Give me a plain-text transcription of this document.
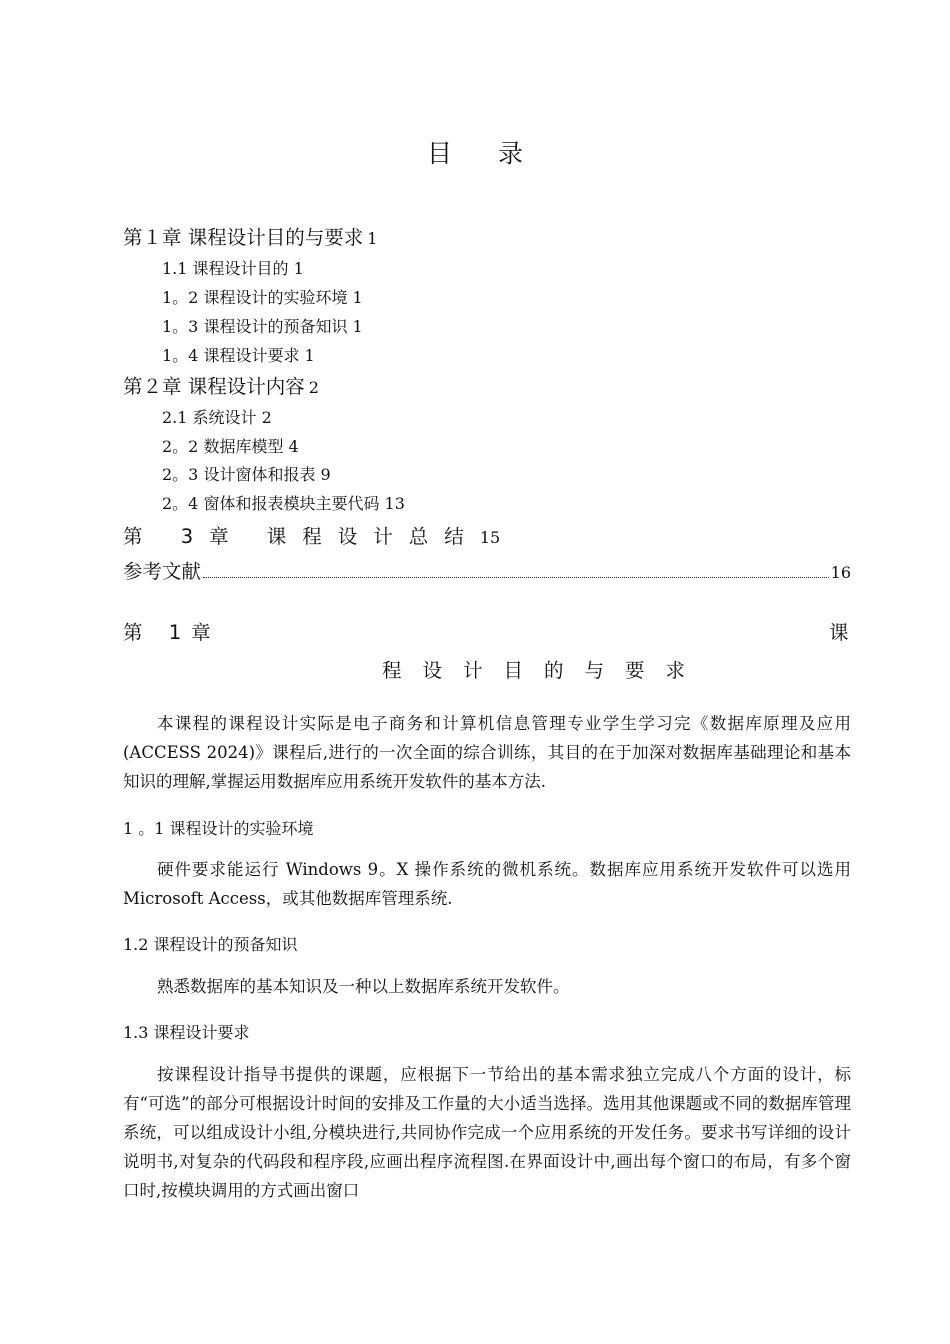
目录
第１章 课程设计目的与要求 1
1.1 课程设计目的 1
1。2 课程设计的实验环境 1
1。3 课程设计的预备知识 1
1。4 课程设计要求 1
第２章 课程设计内容 2
2.1 系统设计 2
2。2 数据库模型 4
2。3 设计窗体和报表 9
2。4 窗体和报表模块主要代码 13
第 3章 课程设计总结15
参考文献	16
第 1章	课
程设计目的与要求

本课程的课程设计实际是电子商务和计算机信息管理专业学生学习完《数据库原理及应用(ACCESS 2024)》课程后,进行的一次全面的综合训练，其目的在于加深对数据库基础理论和基本知识的理解,掌握运用数据库应用系统开发软件的基本方法.

1 。1 课程设计的实验环境

硬件要求能运行 Windows 9。X 操作系统的微机系统。数据库应用系统开发软件可以选用 Microsoft Access，或其他数据库管理系统.

1.2 课程设计的预备知识

熟悉数据库的基本知识及一种以上数据库系统开发软件。

1.3 课程设计要求

按课程设计指导书提供的课题，应根据下一节给出的基本需求独立完成八个方面的设计，标有“可选”的部分可根据设计时间的安排及工作量的大小适当选择。选用其他课题或不同的数据库管理系统，可以组成设计小组,分模块进行,共同协作完成一个应用系统的开发任务。要求书写详细的设计说明书,对复杂的代码段和程序段,应画出程序流程图.在界面设计中,画出每个窗口的布局，有多个窗口时,按模块调用的方式画出窗口
